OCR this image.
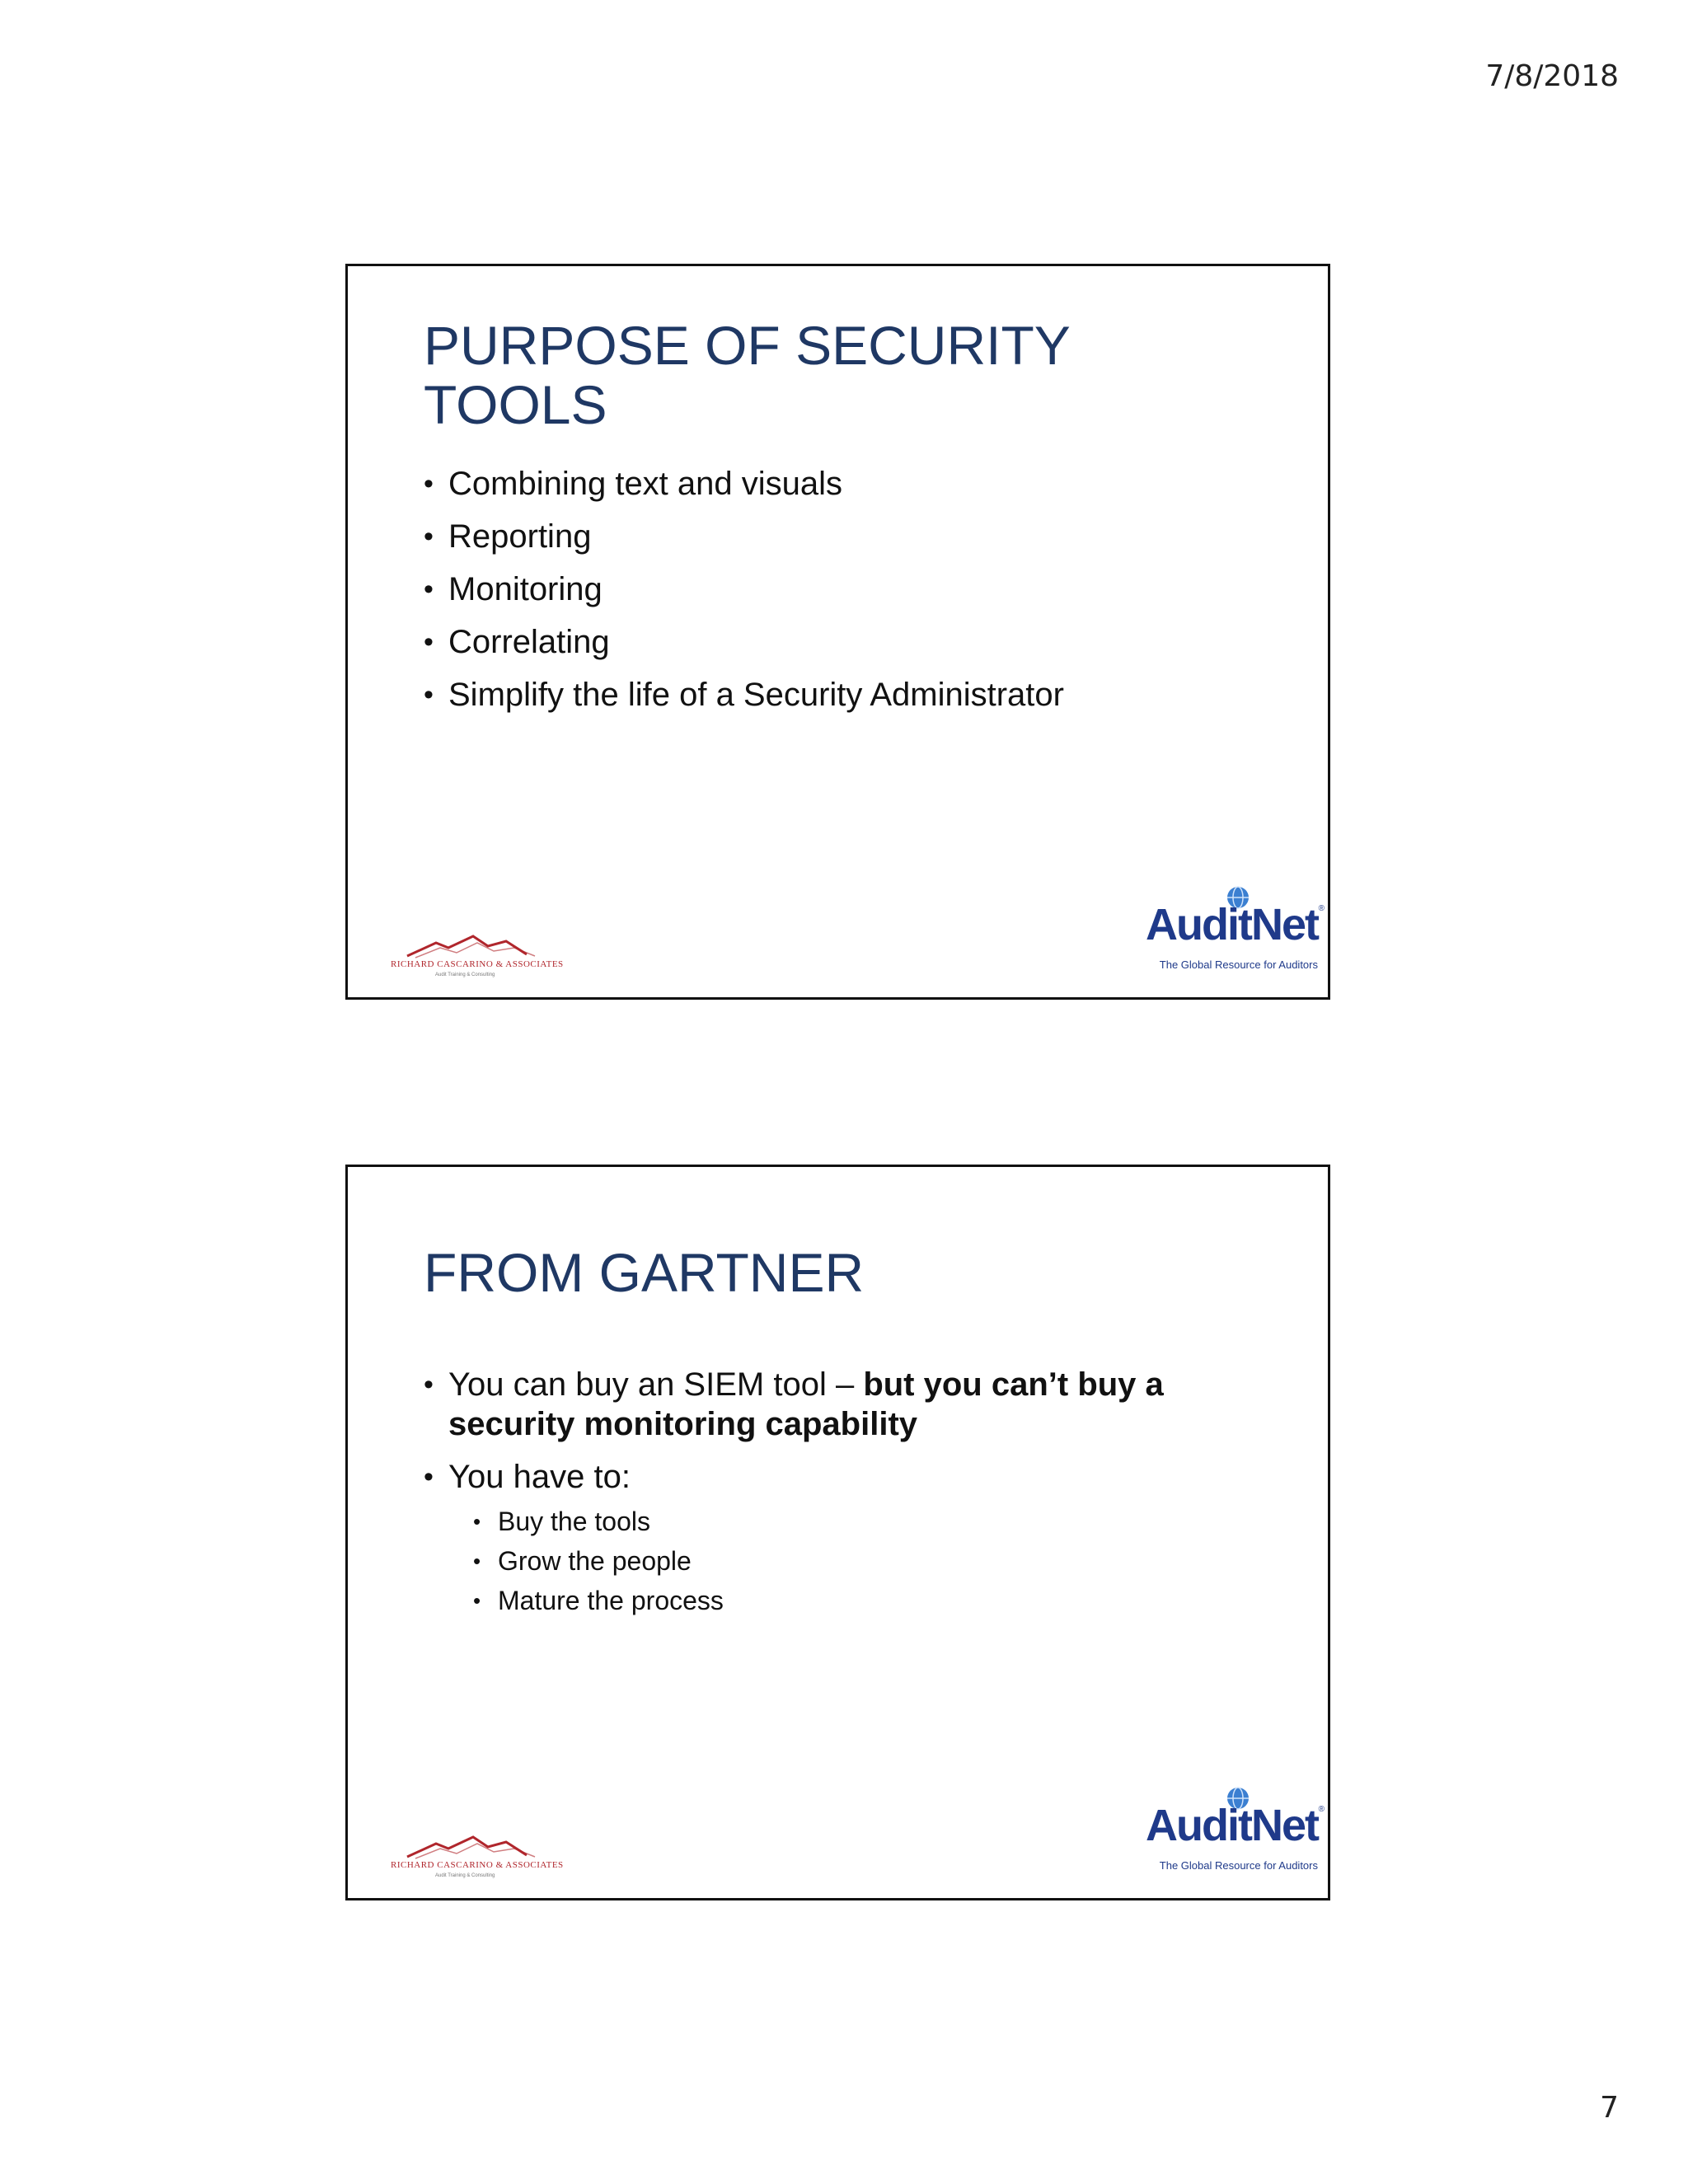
7/8/2018
PURPOSE OF SECURITY TOOLS
• Combining text and visuals
• Reporting
• Monitoring
• Correlating
• Simplify the life of a Security Administrator
RICHARD CASCARINO & ASSOCIATES
Audit Training & Consulting
AuditNet ®
The Global Resource for Auditors
FROM GARTNER
• You can buy an SIEM tool – but you can’t buy a security monitoring capability
• You have to:
• Buy the tools
• Grow the people
• Mature the process
RICHARD CASCARINO & ASSOCIATES
Audit Training & Consulting
AuditNet ®
The Global Resource for Auditors
7
